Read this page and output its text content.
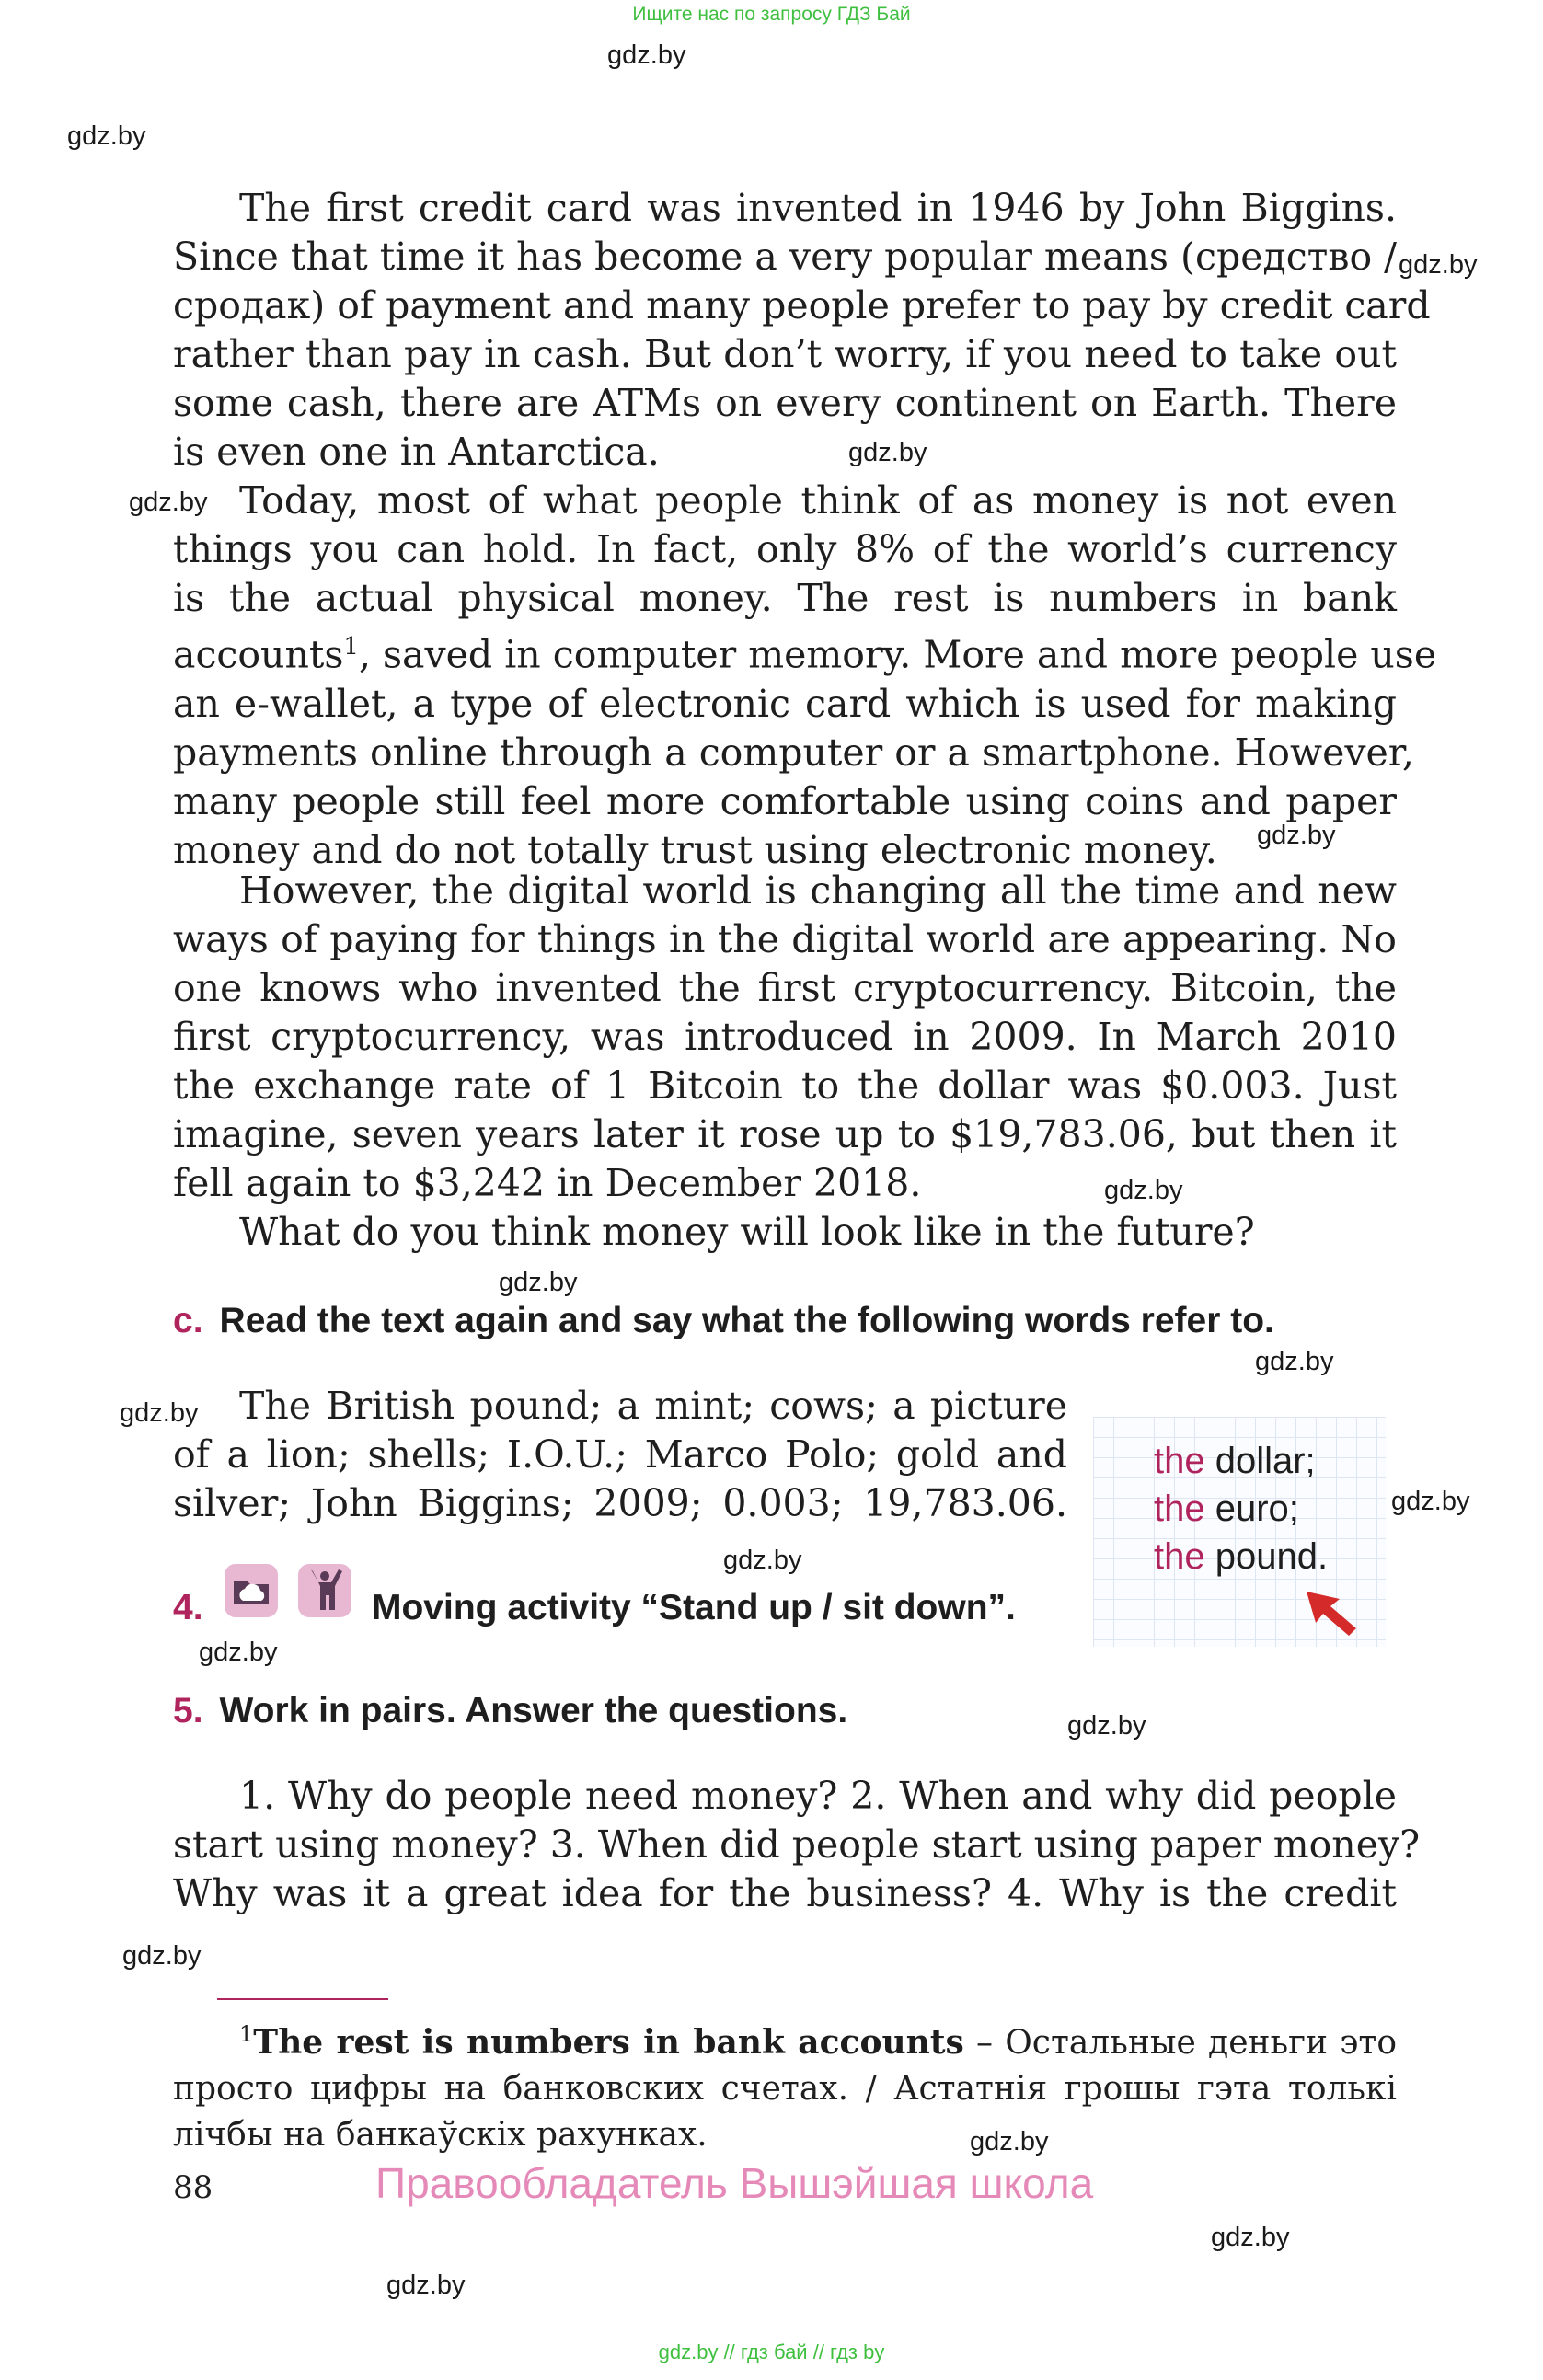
Ищите нас по запросу ГДЗ Бай
gdz.by
gdz.by
gdz.by
gdz.by
gdz.by
gdz.by
gdz.by
gdz.by
gdz.by
gdz.by
gdz.by
gdz.by
gdz.by
gdz.by
gdz.by
gdz.by
gdz.by
gdz.by
The first credit card was invented in 1946 by John Biggins.
Since that time it has become a very popular means (средство /
сродак) of payment and many people prefer to pay by credit card
rather than pay in cash. But don’t worry, if you need to take out
some cash, there are ATMs on every continent on Earth. There
is even one in Antarctica.
Today, most of what people think of as money is not even
things you can hold. In fact, only 8% of the world’s currency
is the actual physical money. The rest is numbers in bank
accounts$^1$, saved in computer memory. More and more people use
an e-wallet, a type of electronic card which is used for making
payments online through a computer or a smartphone. However,
many people still feel more comfortable using coins and paper
money and do not totally trust using electronic money.
However, the digital world is changing all the time and new
ways of paying for things in the digital world are appearing. No
one knows who invented the first cryptocurrency. Bitcoin, the
first cryptocurrency, was introduced in 2009. In March 2010
the exchange rate of 1 Bitcoin to the dollar was $0.003. Just
imagine, seven years later it rose up to $19,783.06, but then it
fell again to $3,242 in December 2018.
What do you think money will look like in the future?
c. Read the text again and say what the following words refer to.
The British pound; a mint; cows; a picture
of a lion; shells; I.O.U.; Marco Polo; gold and
silver; John Biggins; 2009; 0.003; 19,783.06.
the dollar;
the euro;
the pound.
4.	Moving activity “Stand up / sit down”.
5. Work in pairs. Answer the questions.
1. Why do people need money? 2. When and why did people
start using money? 3. When did people start using paper money?
Why was it a great idea for the business? 4. Why is the credit
$^1$The rest is numbers in bank accounts – Остальные деньги это
просто цифры на банковских счетах. / Астатнія грошы гэта толькі
лічбы на банкаўскіх рахунках.
88	Правообладатель Вышэйшая школа
gdz.by // гдз бай // гдз by
